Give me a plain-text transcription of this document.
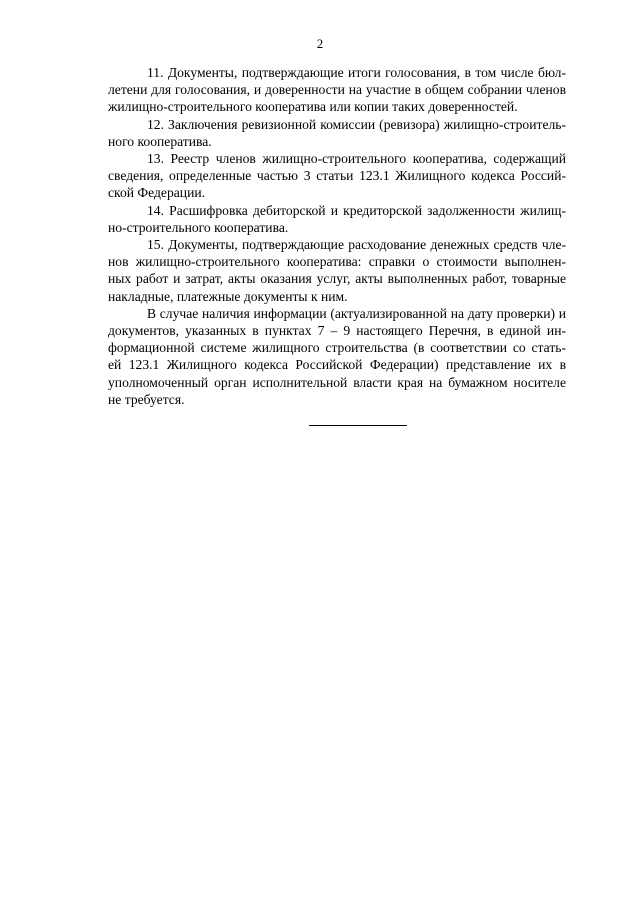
2

11. Документы, подтверждающие итоги голосования, в том числе бюл-
летени для голосования, и доверенности на участие в общем собрании членов
жилищно-строительного кооператива или копии таких доверенностей.

12. Заключения ревизионной комиссии (ревизора) жилищно-строитель-
ного кооператива.

13. Реестр членов жилищно-строительного кооператива, содержащий
сведения, определенные частью 3 статьи 123.1 Жилищного кодекса Россий-
ской Федерации.

14. Расшифровка дебиторской и кредиторской задолженности жилищ-
но-строительного кооператива.

15. Документы, подтверждающие расходование денежных средств чле-
нов жилищно-строительного кооператива: справки о стоимости выполнен-
ных работ и затрат, акты оказания услуг, акты выполненных работ, товарные
накладные, платежные документы к ним.

В случае наличия информации (актуализированной на дату проверки) и
документов, указанных в пунктах 7 – 9 настоящего Перечня, в единой ин-
формационной системе жилищного строительства (в соответствии со стать-
ей 123.1 Жилищного кодекса Российской Федерации) представление их в
уполномоченный орган исполнительной власти края на бумажном носителе
не требуется.
